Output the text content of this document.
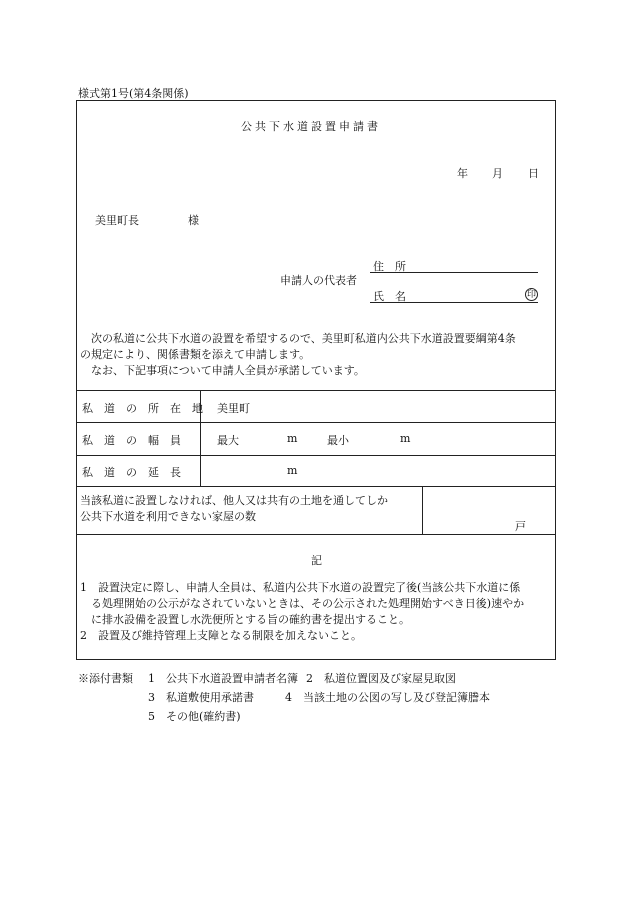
様式第1号(第4条関係)
公共下水道設置申請書
年 月 日
美里町長	様
申請人の代表者
住　所
氏　名	印
　次の私道に公共下水道の設置を希望するので、美里町私道内公共下水道設置要綱第4条
の規定により、関係書類を添えて申請します。
　なお、下記事項について申請人全員が承諾しています。
私　道　の　所　在　地 美里町
私　道　の　幅　員	最大	m	最小	m
私　道　の　延　長	m
当該私道に設置しなければ、他人又は共有の土地を通してしか
公共下水道を利用できない家屋の数
戸
記
1　設置決定に際し、申請人全員は、私道内公共下水道の設置完了後(当該公共下水道に係
　る処理開始の公示がなされていないときは、その公示された処理開始すべき日後)速やか
　に排水設備を設置し水洗便所とする旨の確約書を提出すること。
2　設置及び維持管理上支障となる制限を加えないこと。
※添付書類 1　公共下水道設置申請者名簿 2　私道位置図及び家屋見取図
3　私道敷使用承諾書	4　当該土地の公図の写し及び登記簿謄本
5　その他(確約書)
